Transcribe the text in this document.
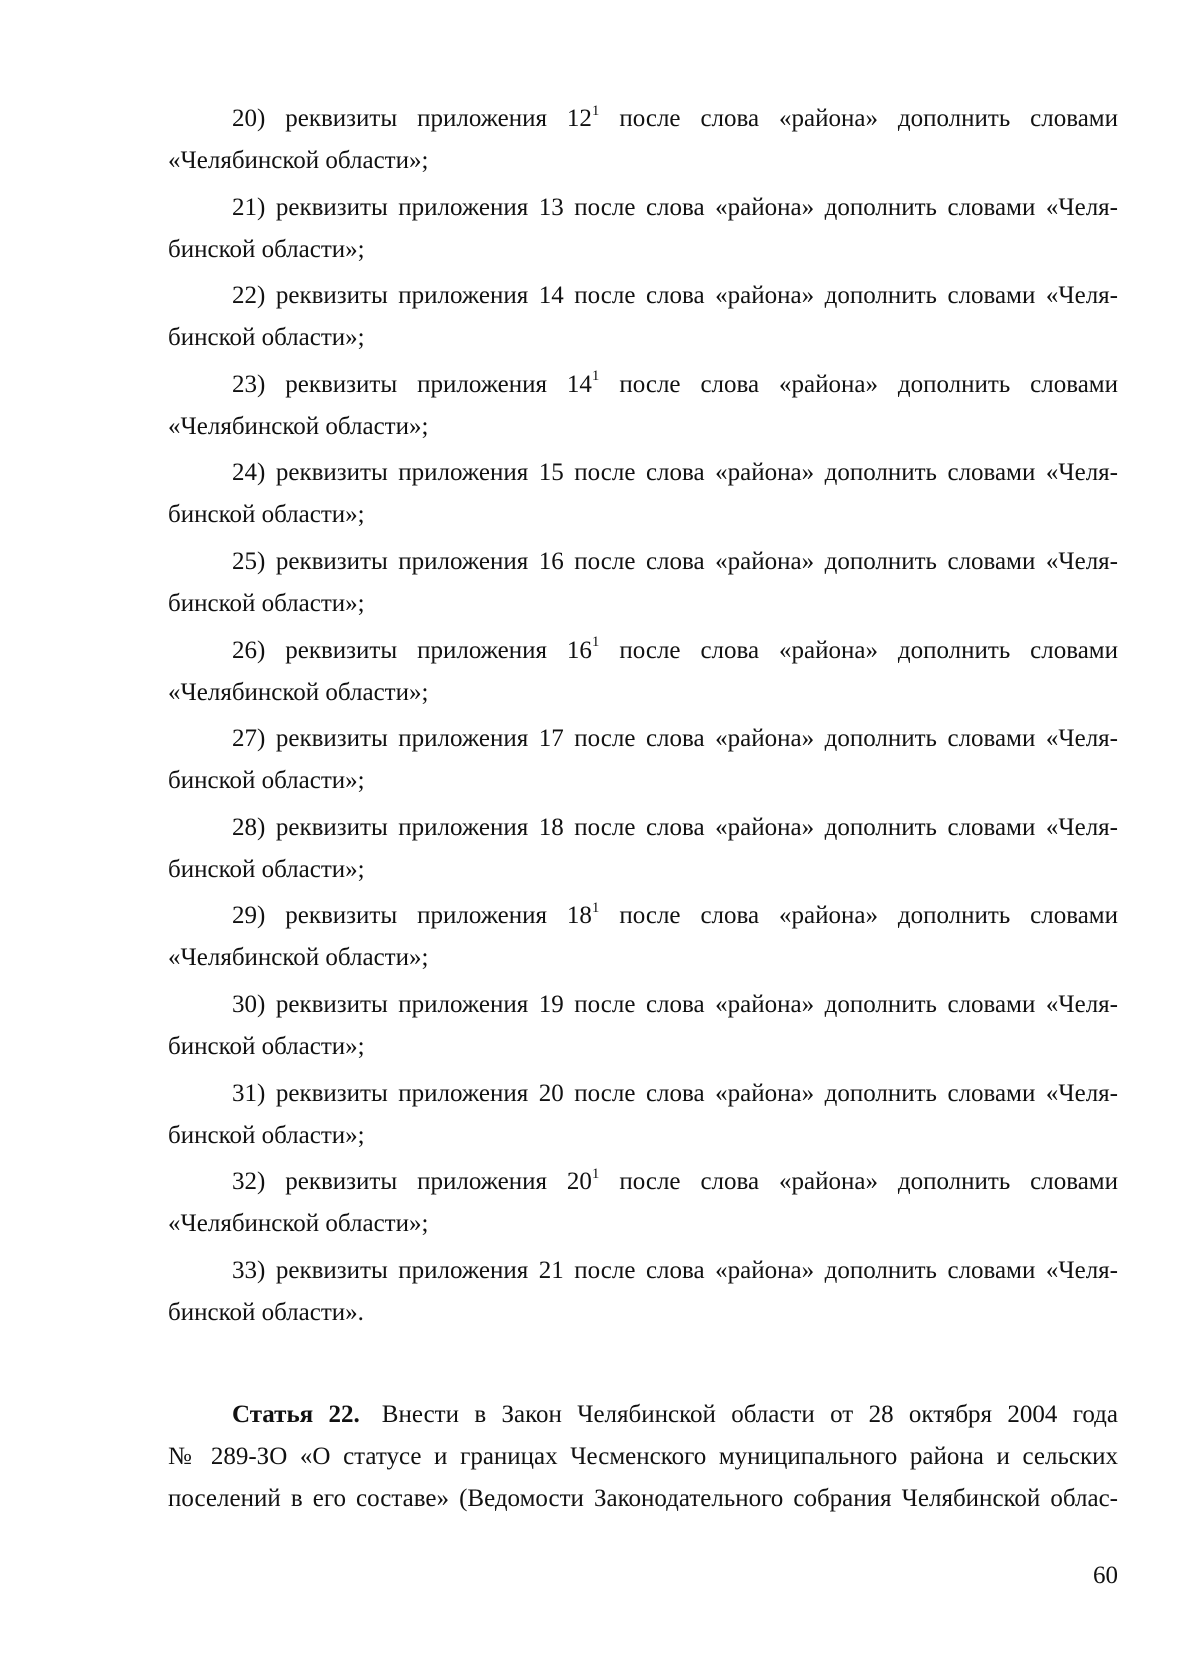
20) реквизиты приложения $12^1$ после слова «района» дополнить словами
«Челябинской области»;
21) реквизиты приложения 13 после слова «района» дополнить словами «Челя-
бинской области»;
22) реквизиты приложения 14 после слова «района» дополнить словами «Челя-
бинской области»;
23) реквизиты приложения $14^1$ после слова «района» дополнить словами
«Челябинской области»;
24) реквизиты приложения 15 после слова «района» дополнить словами «Челя-
бинской области»;
25) реквизиты приложения 16 после слова «района» дополнить словами «Челя-
бинской области»;
26) реквизиты приложения $16^1$ после слова «района» дополнить словами
«Челябинской области»;
27) реквизиты приложения 17 после слова «района» дополнить словами «Челя-
бинской области»;
28) реквизиты приложения 18 после слова «района» дополнить словами «Челя-
бинской области»;
29) реквизиты приложения $18^1$ после слова «района» дополнить словами
«Челябинской области»;
30) реквизиты приложения 19 после слова «района» дополнить словами «Челя-
бинской области»;
31) реквизиты приложения 20 после слова «района» дополнить словами «Челя-
бинской области»;
32) реквизиты приложения $20^1$ после слова «района» дополнить словами
«Челябинской области»;
33) реквизиты приложения 21 после слова «района» дополнить словами «Челя-
бинской области».
Статья 22. Внести в Закон Челябинской области от 28 октября 2004 года
№ 289-ЗО «О статусе и границах Чесменского муниципального района и сельских
поселений в его составе» (Ведомости Законодательного собрания Челябинской облас-
60
